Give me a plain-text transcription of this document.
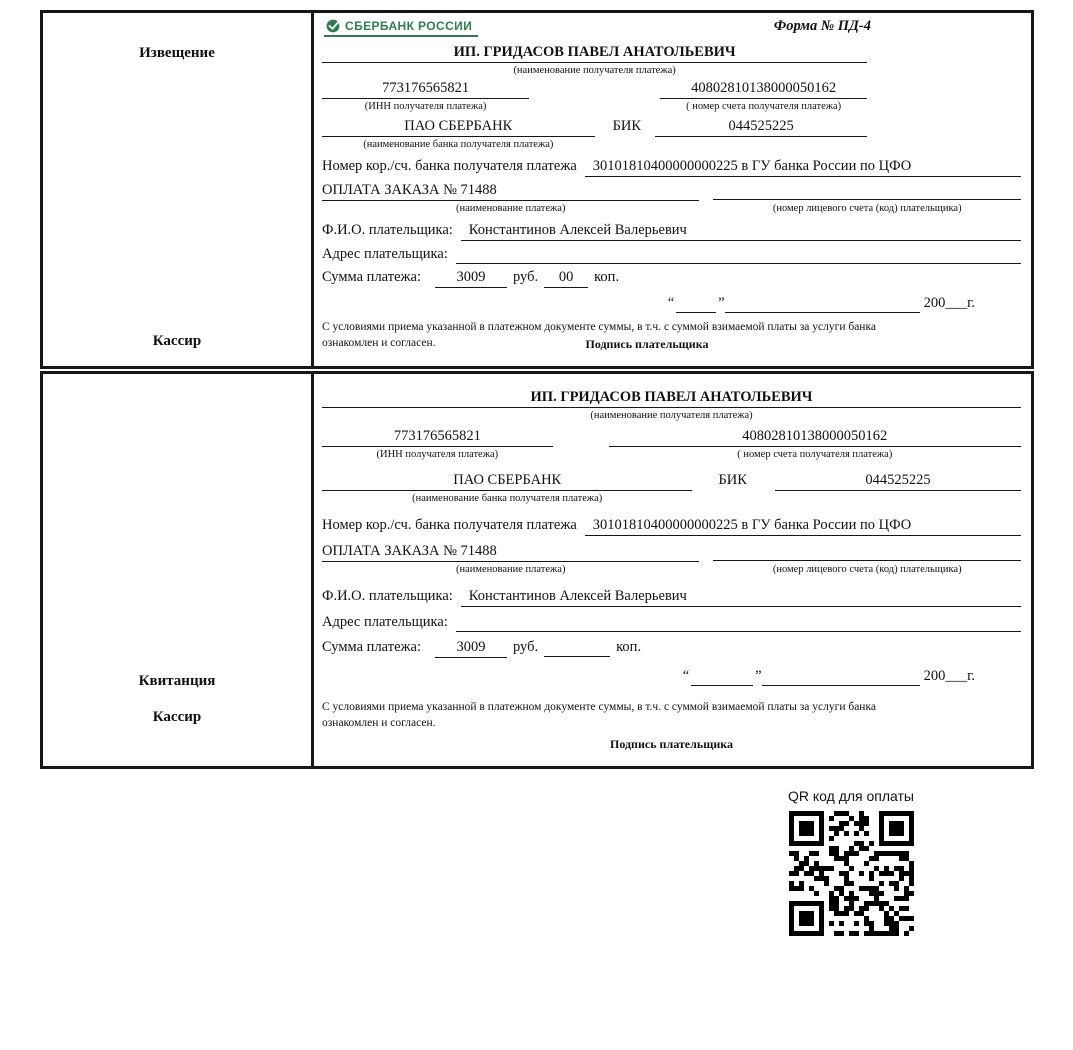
Извещение
Кассир
СБЕРБАНК РОССИИ	Форма № ПД-4
ИП. ГРИДАСОВ ПАВЕЛ АНАТОЛЬЕВИЧ
(наименование получателя платежа)
773176565821
(ИНН получателя платежа)
40802810138000050162
( номер счета получателя платежа)
ПАО СБЕРБАНК
(наименование банка получателя платежа)
БИК	044525225
Номер кор./сч. банка получателя платежа	30101810400000000225 в ГУ банка России по ЦФО
ОПЛАТА ЗАКАЗА № 71488
(наименование платежа)	(номер лицевого счета (код) плательщика)
Ф.И.О. плательщика:	Константинов Алексей Валерьевич
Адрес плательщика:
Сумма платежа:	3009	руб.	00	коп.
“	”	200___г.
С условиями приема указанной в платежном документе суммы, в т.ч. с суммой взимаемой платы за услуги банка
ознакомлен и согласен.	Подпись плательщика
Квитанция
Кассир
ИП. ГРИДАСОВ ПАВЕЛ АНАТОЛЬЕВИЧ
(наименование получателя платежа)
773176565821
(ИНН получателя платежа)
40802810138000050162
( номер счета получателя платежа)
ПАО СБЕРБАНК
(наименование банка получателя платежа)
БИК	044525225
Номер кор./сч. банка получателя платежа	30101810400000000225 в ГУ банка России по ЦФО
ОПЛАТА ЗАКАЗА № 71488
(наименование платежа)	(номер лицевого счета (код) плательщика)
Ф.И.О. плательщика:	Константинов Алексей Валерьевич
Адрес плательщика:
Сумма платежа:	3009	руб.	коп.
“	”	200___г.
С условиями приема указанной в платежном документе суммы, в т.ч. с суммой взимаемой платы за услуги банка
ознакомлен и согласен.
Подпись плательщика
QR код для оплаты
